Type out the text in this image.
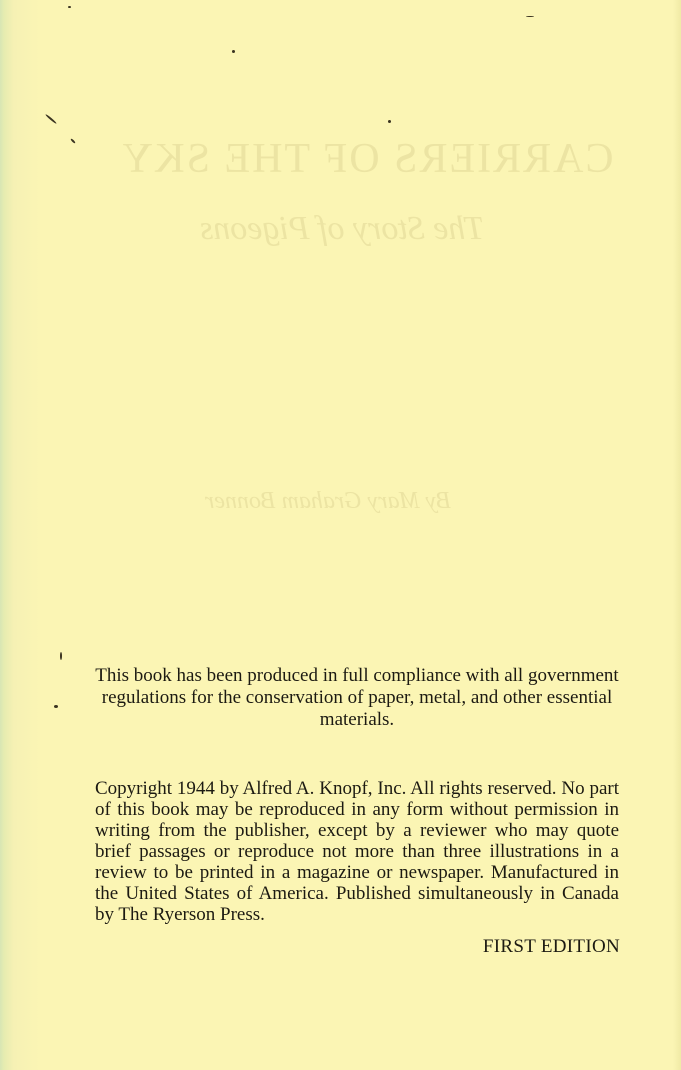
CARRIERS OF THE SKY
The Story of Pigeons
By Mary Graham Bonner

This book has been produced in full compliance with all government regulations for the conservation of paper, metal, and other essential materials.

Copyright 1944 by Alfred A. Knopf, Inc. All rights reserved. No part of this book may be reproduced in any form without permission in writing from the publisher, except by a reviewer who may quote brief passages or reproduce not more than three illustrations in a review to be printed in a magazine or newspaper. Manufactured in the United States of America. Published simultaneously in Canada by The Ryerson Press.

FIRST EDITION
